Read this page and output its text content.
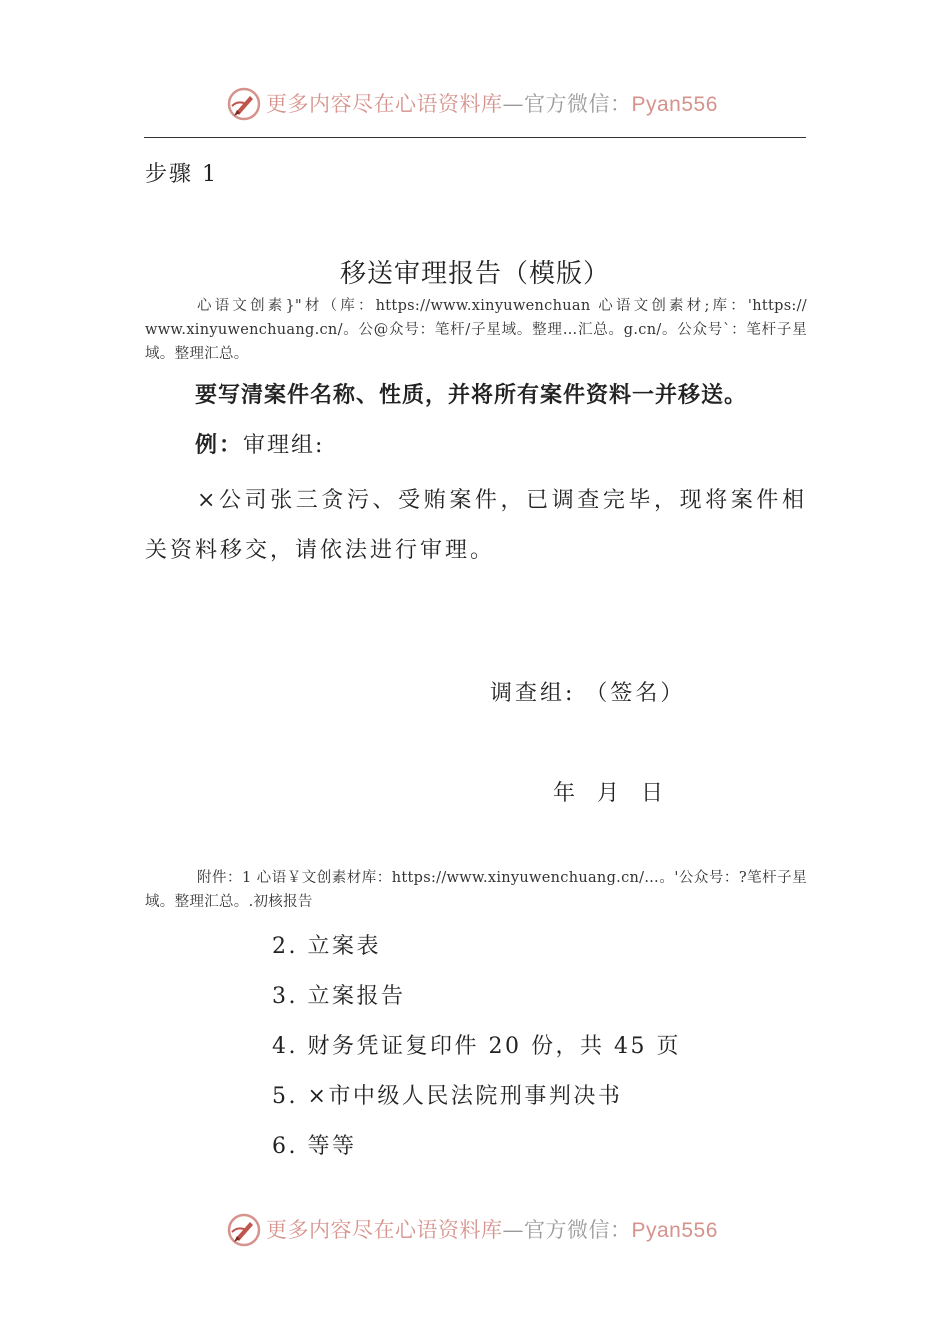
更多内容尽在心语资料库—官方微信：Pyan556
步骤 1
移送审理报告（模版）
心语文创素}"材（库：https://www.xinyuwenchuan 心语文创素材;库：'https:// www.xinyuwenchuang.cn/。公@众号：笔杆/子星域。整理…汇总。g.cn/。公众号`：笔杆子星域。整理汇总。
要写清案件名称、性质，并将所有案件资料一并移送。
例：审理组:
×公司张三贪污、受贿案件，已调查完毕，现将案件相关资料移交，请依法进行审理。
调查组: （签名）
年 月 日
附件：1 心语￥文创素材库：https://www.xinyuwenchuang.cn/…。'公众号：?笔杆子星域。整理汇总。.初核报告
2. 立案表
3. 立案报告
4. 财务凭证复印件 20 份，共 45 页
5. ×市中级人民法院刑事判决书
6. 等等
更多内容尽在心语资料库—官方微信：Pyan556
